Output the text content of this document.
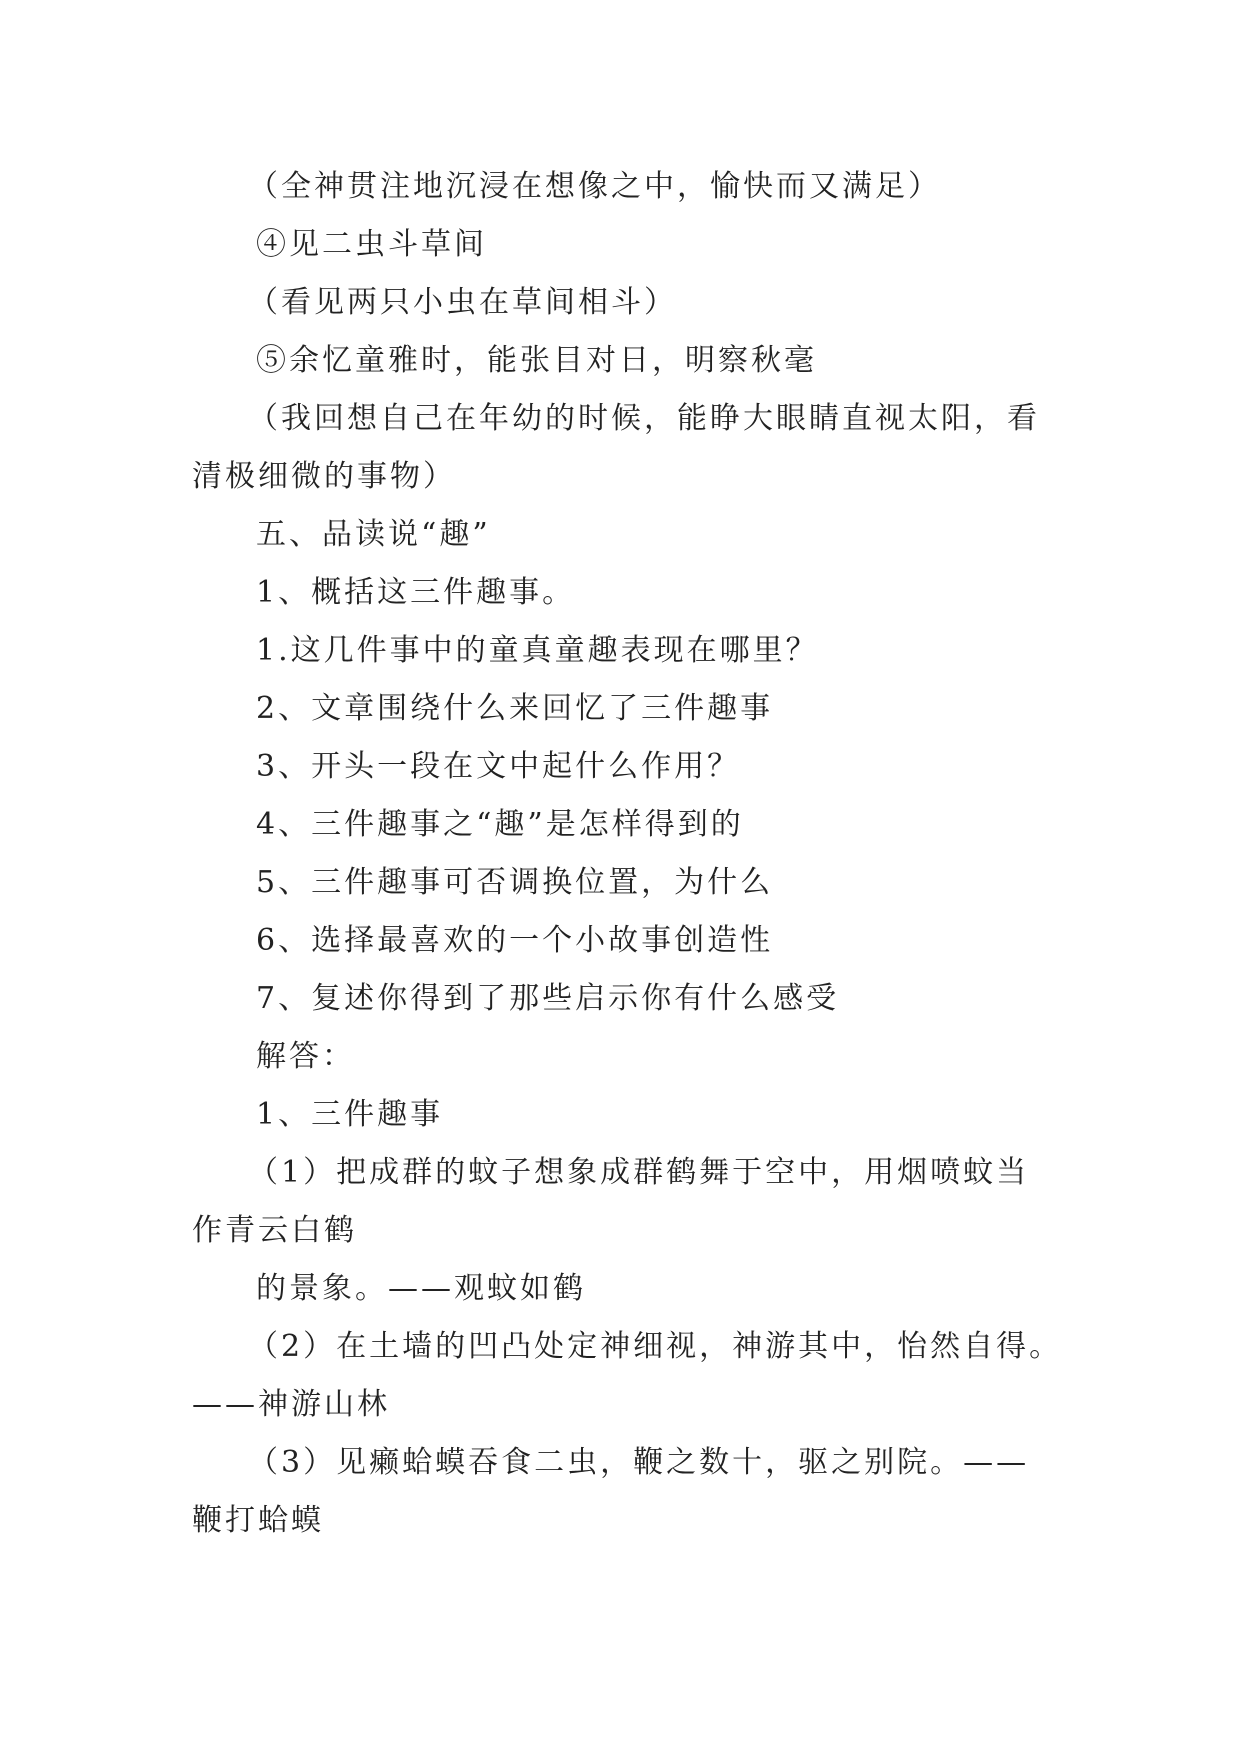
（全神贯注地沉浸在想像之中，愉快而又满足）
④见二虫斗草间
（看见两只小虫在草间相斗）
⑤余忆童雅时，能张目对日，明察秋毫
（我回想自己在年幼的时候，能睁大眼睛直视太阳，看
清极细微的事物）
五、品读说“趣”
1、概括这三件趣事。
1.这几件事中的童真童趣表现在哪里？
2、文章围绕什么来回忆了三件趣事
3、开头一段在文中起什么作用？
4、三件趣事之“趣”是怎样得到的
5、三件趣事可否调换位置，为什么
6、选择最喜欢的一个小故事创造性
7、复述你得到了那些启示你有什么感受
解答：
1、三件趣事
（1）把成群的蚊子想象成群鹤舞于空中，用烟喷蚊当
作青云白鹤
的景象。——观蚊如鹤
（2）在土墙的凹凸处定神细视，神游其中，怡然自得。
——神游山林
（3）见癞蛤蟆吞食二虫，鞭之数十，驱之别院。——
鞭打蛤蟆
